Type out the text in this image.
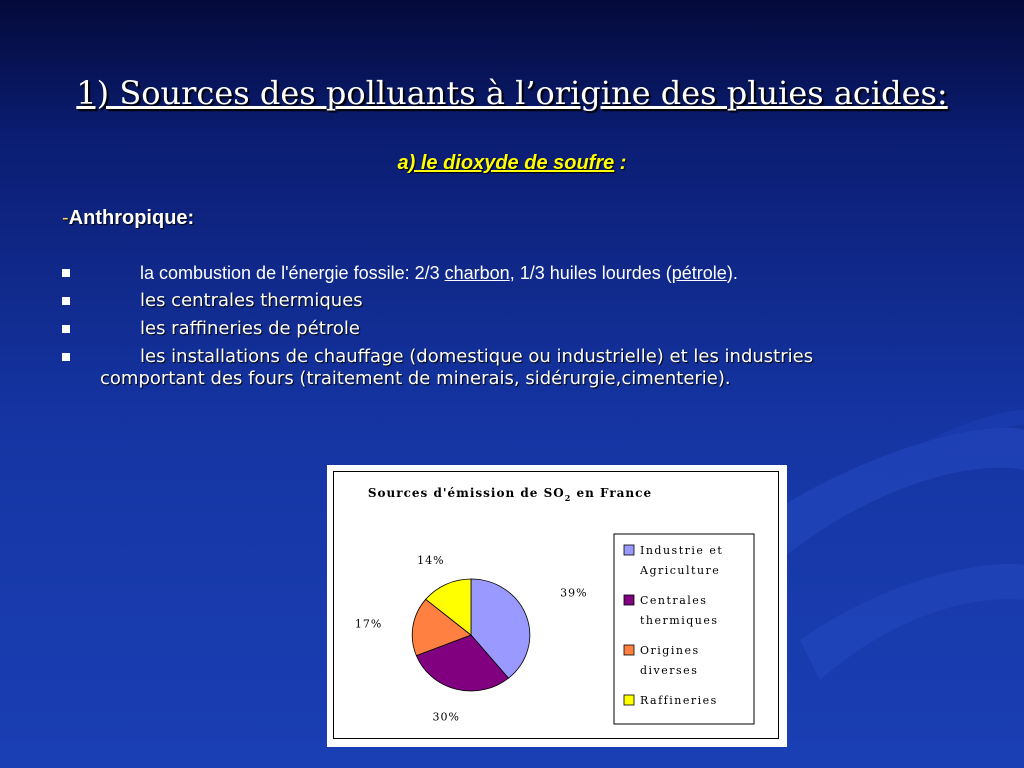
1) Sources des polluants à l’origine des pluies acides:
a) le dioxyde de soufre :
-Anthropique:
la combustion de l'énergie fossile: 2/3 charbon, 1/3 huiles lourdes (pétrole).
les centrales thermiques
les raffineries de pétrole
les installations de chauffage (domestique ou industrielle) et les industries
comportant des fours (traitement de minerais, sidérurgie,cimenterie).
Sources d'émission de $SO_2$ en France
39%
30%
17%
14%
Industrie et
Agriculture
Centrales
thermiques
Origines
diverses
Raffineries
